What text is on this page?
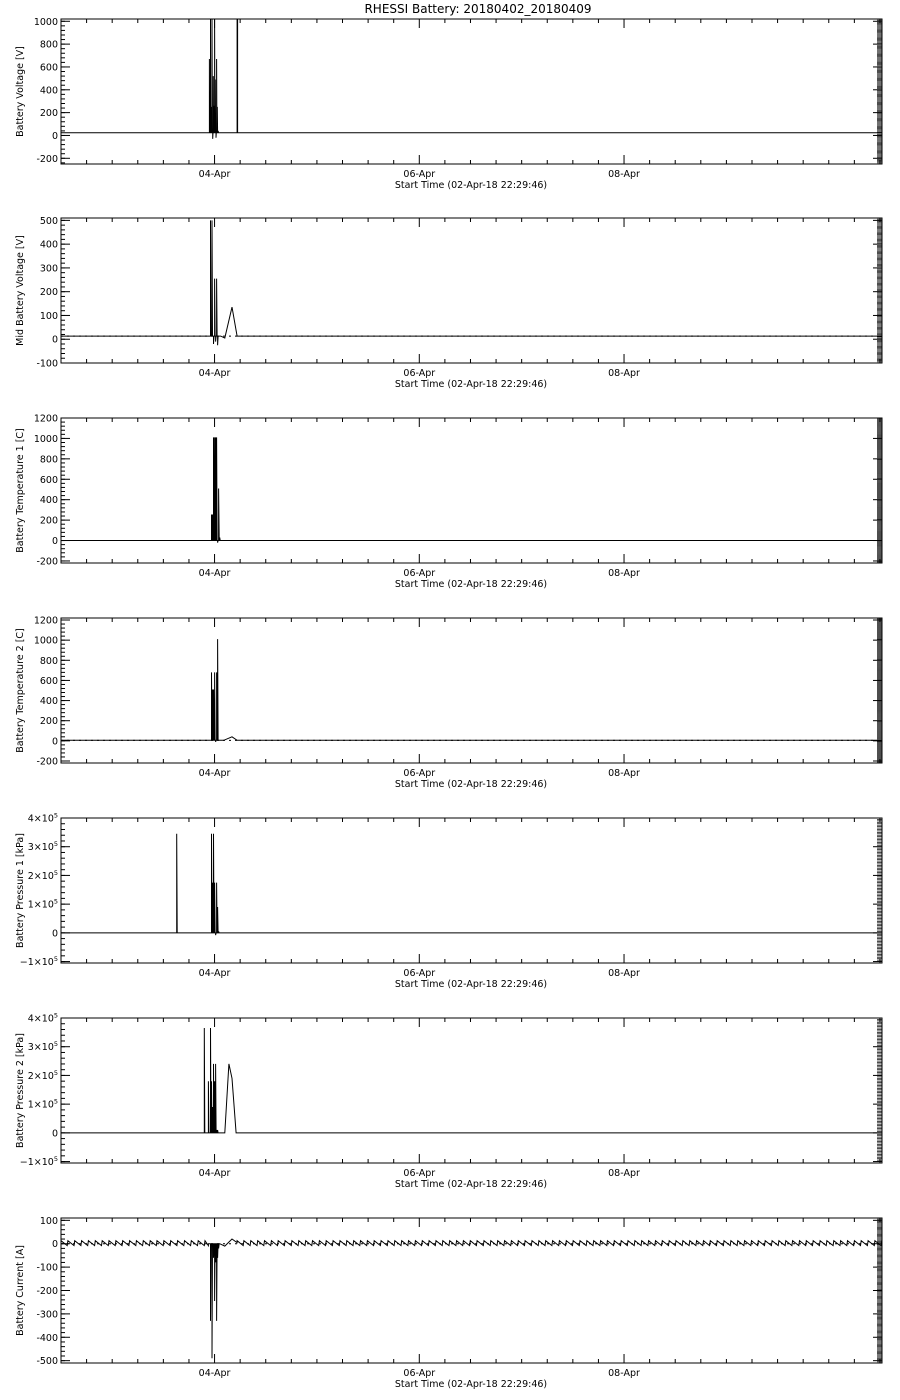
RHESSI Battery: 20180402_20180409
-200
0
200
400
600
800
1000
04-Apr	06-Apr	08-Apr
Start Time (02-Apr-18 22:29:46)
Battery Voltage [V]
-100
0
100
200
300
400
500
04-Apr	06-Apr	08-Apr
Start Time (02-Apr-18 22:29:46)
Mid Battery Voltage [V]
-200
0
200
400
600
800
1000
1200
04-Apr	06-Apr	08-Apr
Start Time (02-Apr-18 22:29:46)
Battery Temperature 1 [C]
-200
0
200
400
600
800
1000
1200
04-Apr	06-Apr	08-Apr
Start Time (02-Apr-18 22:29:46)
Battery Temperature 2 [C]
$-1\times 10^5$
0
$1\times 10^5$
$2\times 10^5$
$3\times 10^5$
$4\times 10^5$
04-Apr	06-Apr	08-Apr
Start Time (02-Apr-18 22:29:46)
Battery Pressure 1 [kPa]
$-1\times 10^5$
0
$1\times 10^5$
$2\times 10^5$
$3\times 10^5$
$4\times 10^5$
04-Apr	06-Apr	08-Apr
Start Time (02-Apr-18 22:29:46)
Battery Pressure 2 [kPa]
-500
-400
-300
-200
-100
0
100
04-Apr	06-Apr	08-Apr
Start Time (02-Apr-18 22:29:46)
Battery Current [A]
